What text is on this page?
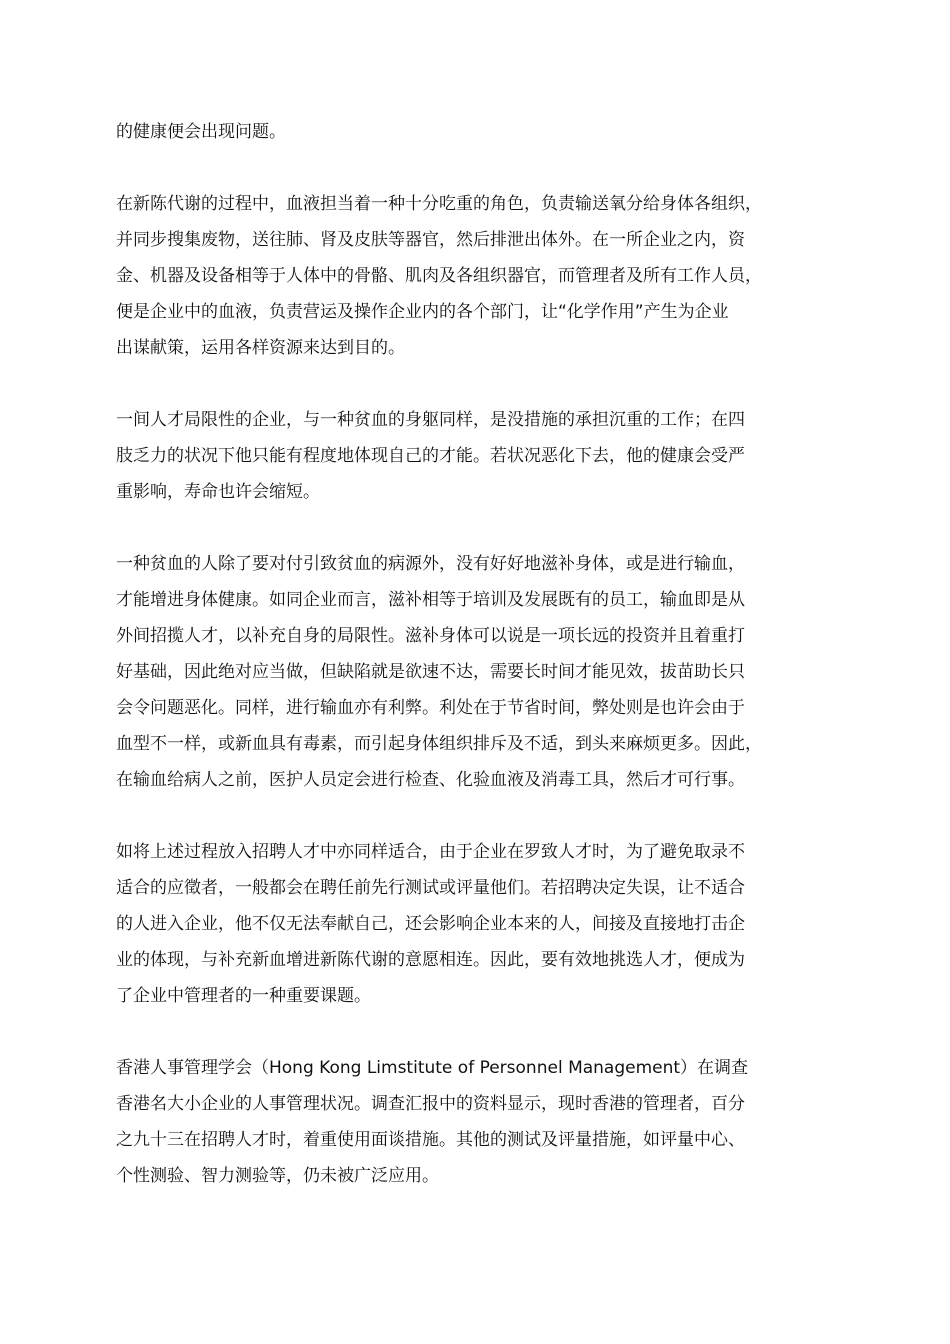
的健康便会出现问题。

在新陈代谢的过程中，血液担当着一种十分吃重的角色，负责输送氧分给身体各组织，
并同步搜集废物，送往肺、肾及皮肤等器官，然后排泄出体外。在一所企业之内，资
金、机器及设备相等于人体中的骨骼、肌肉及各组织器官，而管理者及所有工作人员，
便是企业中的血液，负责营运及操作企业内的各个部门，让“化学作用”产生为企业
出谋献策，运用各样资源来达到目的。

一间人才局限性的企业，与一种贫血的身躯同样，是没措施的承担沉重的工作；在四
肢乏力的状况下他只能有程度地体现自己的才能。若状况恶化下去，他的健康会受严
重影响，寿命也许会缩短。

一种贫血的人除了要对付引致贫血的病源外，没有好好地滋补身体，或是进行输血，
才能增进身体健康。如同企业而言，滋补相等于培训及发展既有的员工，输血即是从
外间招揽人才，以补充自身的局限性。滋补身体可以说是一项长远的投资并且着重打
好基础，因此绝对应当做，但缺陷就是欲速不达，需要长时间才能见效，拔苗助长只
会令问题恶化。同样，进行输血亦有利弊。利处在于节省时间，弊处则是也许会由于
血型不一样，或新血具有毒素，而引起身体组织排斥及不适，到头来麻烦更多。因此，
在输血给病人之前，医护人员定会进行检查、化验血液及消毒工具，然后才可行事。

如将上述过程放入招聘人才中亦同样适合，由于企业在罗致人才时，为了避免取录不
适合的应徵者，一般都会在聘任前先行测试或评量他们。若招聘决定失误，让不适合
的人进入企业，他不仅无法奉献自己，还会影响企业本来的人，间接及直接地打击企
业的体现，与补充新血增进新陈代谢的意愿相连。因此，要有效地挑选人才，便成为
了企业中管理者的一种重要课题。

香港人事管理学会（Hong Kong Limstitute of Personnel Management）在调查
香港名大小企业的人事管理状况。调查汇报中的资料显示，现时香港的管理者，百分
之九十三在招聘人才时，着重使用面谈措施。其他的测试及评量措施，如评量中心、
个性测验、智力测验等，仍未被广泛应用。
